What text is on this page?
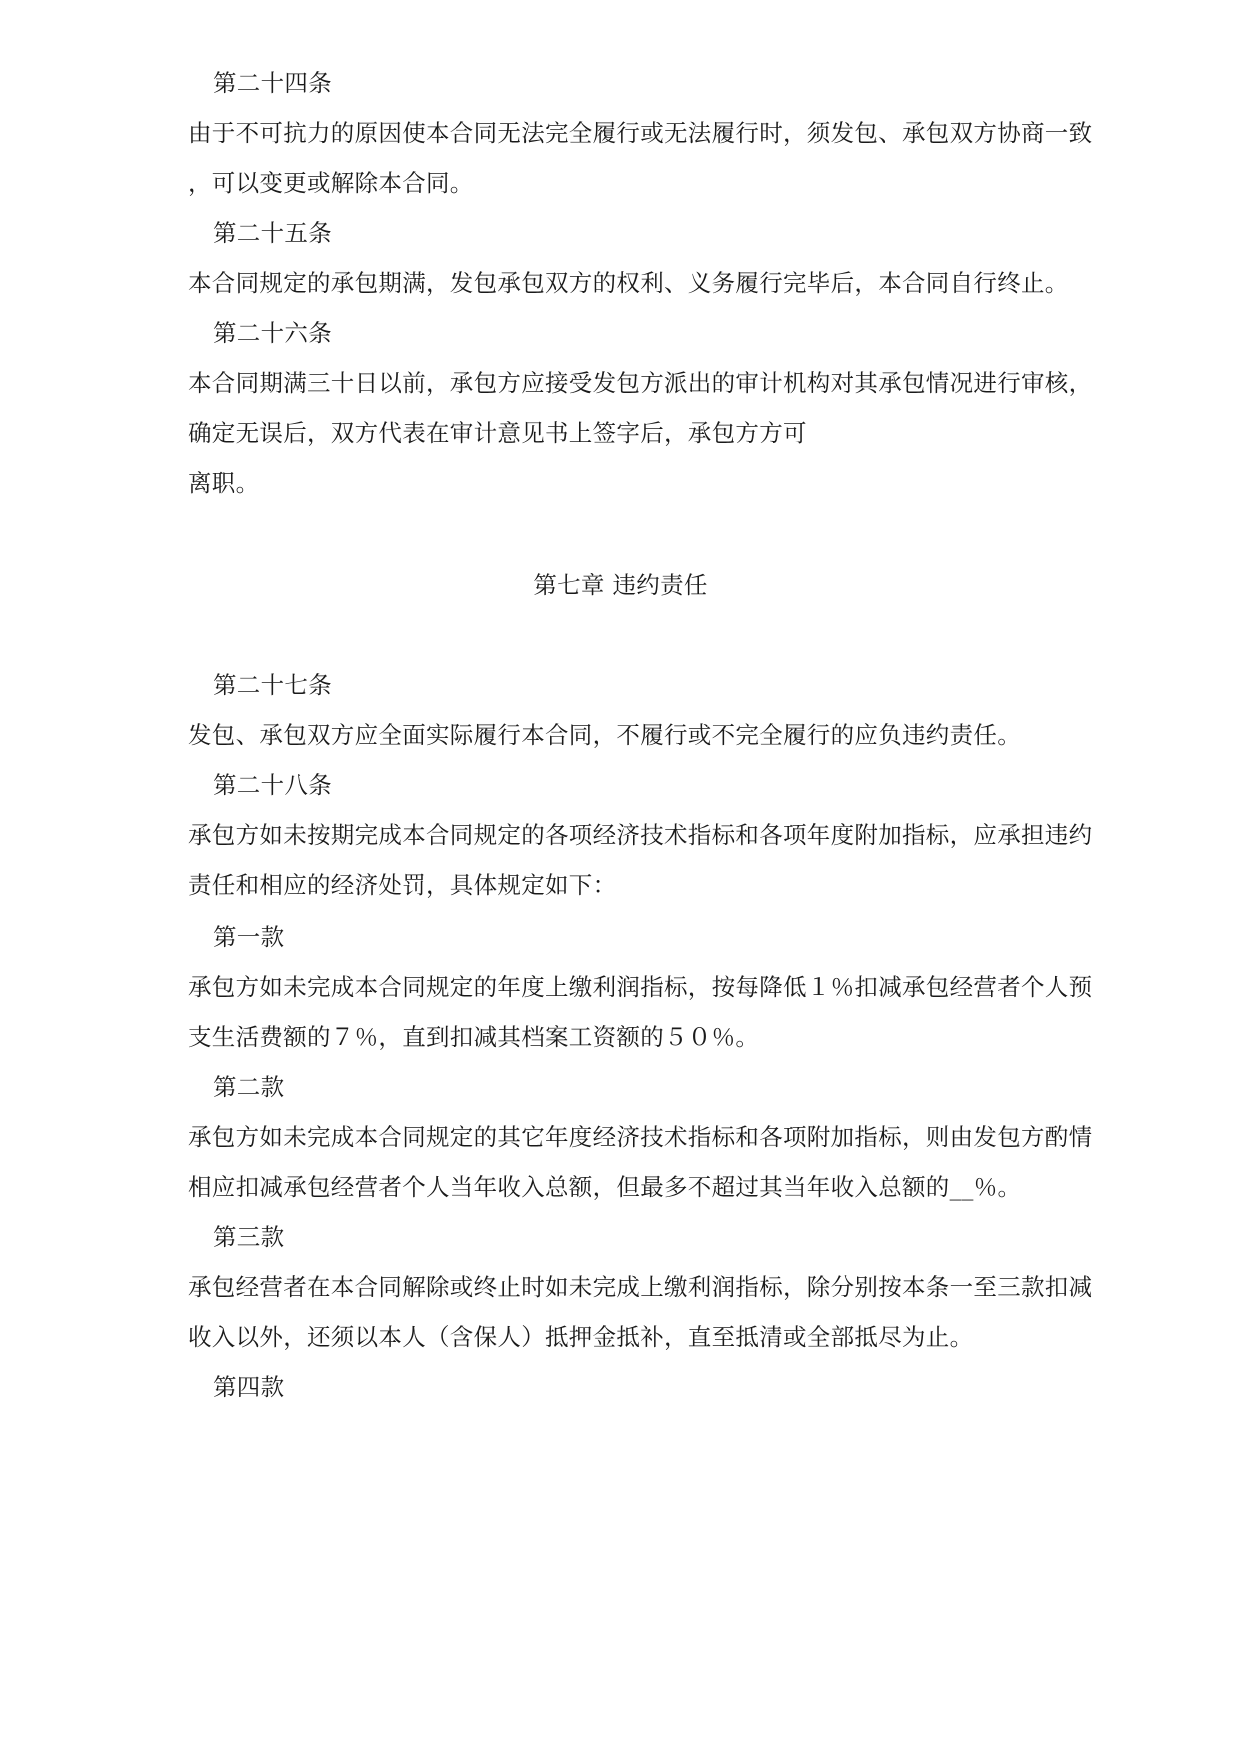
第二十四条
由于不可抗力的原因使本合同无法完全履行或无法履行时，须发包、承包双方协商一致
，可以变更或解除本合同。
第二十五条
本合同规定的承包期满，发包承包双方的权利、义务履行完毕后，本合同自行终止。
第二十六条
本合同期满三十日以前，承包方应接受发包方派出的审计机构对其承包情况进行审核，
确定无误后，双方代表在审计意见书上签字后，承包方方可
离职。
第七章 违约责任
第二十七条
发包、承包双方应全面实际履行本合同，不履行或不完全履行的应负违约责任。
第二十八条
承包方如未按期完成本合同规定的各项经济技术指标和各项年度附加指标，应承担违约
责任和相应的经济处罚，具体规定如下：
第一款
承包方如未完成本合同规定的年度上缴利润指标，按每降低１％扣减承包经营者个人预
支生活费额的７％，直到扣减其档案工资额的５０％。
第二款
承包方如未完成本合同规定的其它年度经济技术指标和各项附加指标，则由发包方酌情
相应扣减承包经营者个人当年收入总额，但最多不超过其当年收入总额的__％。
第三款
承包经营者在本合同解除或终止时如未完成上缴利润指标，除分别按本条一至三款扣减
收入以外，还须以本人（含保人）抵押金抵补，直至抵清或全部抵尽为止。
第四款
